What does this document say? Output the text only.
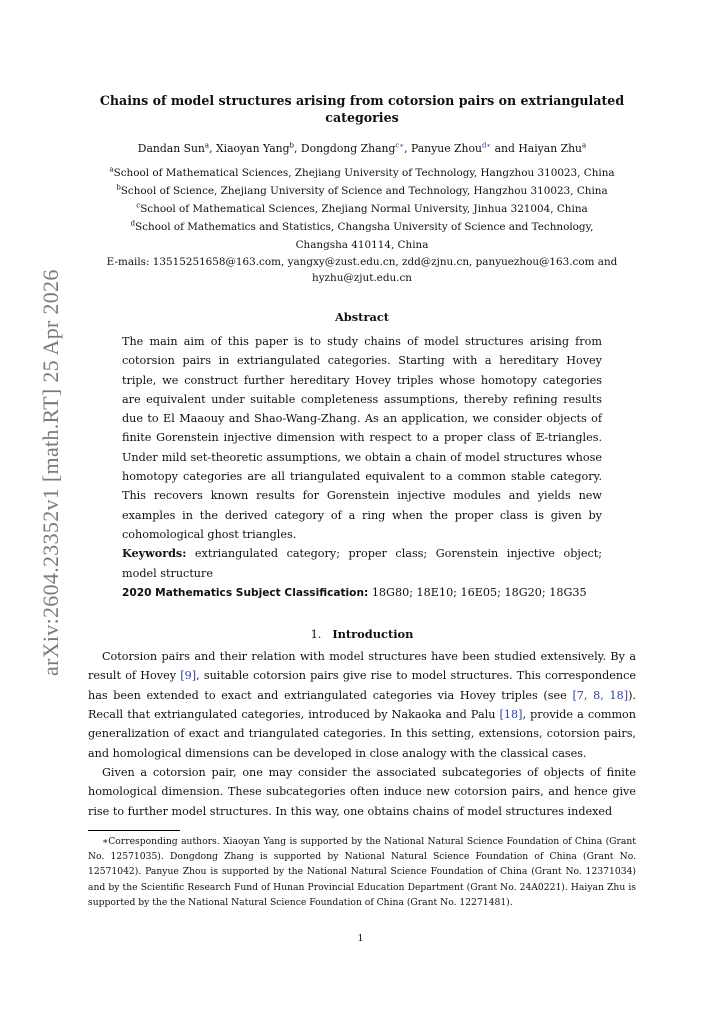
arXiv:2604.23352v1 [math.RT] 25 Apr 2026
Chains of model structures arising from cotorsion pairs on extriangulated categories
Dandan Sun$^a$, Xiaoyan Yang$^b$, Dongdong Zhang$^{c∗}$, Panyue Zhou$^{d∗}$ and Haiyan Zhu$^a$
$^a$School of Mathematical Sciences, Zhejiang University of Technology, Hangzhou 310023, China
$^b$School of Science, Zhejiang University of Science and Technology, Hangzhou 310023, China
$^c$School of Mathematical Sciences, Zhejiang Normal University, Jinhua 321004, China
$^d$School of Mathematics and Statistics, Changsha University of Science and Technology,
Changsha 410114, China
E-mails: 13515251658@163.com, yangxy@zust.edu.cn, zdd@zjnu.cn, panyuezhou@163.com and
hyzhu@zjut.edu.cn
Abstract

The main aim of this paper is to study chains of model structures arising from cotorsion pairs in extriangulated categories. Starting with a hereditary Hovey triple, we construct further hereditary Hovey triples whose homotopy categories are equivalent under suitable completeness assumptions, thereby refining results due to El Maaouy and Shao-Wang-Zhang. As an application, we consider objects of finite Gorenstein injective dimension with respect to a proper class of 𝔼-triangles. Under mild set-theoretic assumptions, we obtain a chain of model structures whose homotopy categories are all triangulated equivalent to a common stable category. This recovers known results for Gorenstein injective modules and yields new examples in the derived category of a ring when the proper class is given by cohomological ghost triangles.

Keywords: extriangulated category; proper class; Gorenstein injective object; model structure

2020 Mathematics Subject Classification: 18G80; 18E10; 16E05; 18G20; 18G35

1. Introduction

Cotorsion pairs and their relation with model structures have been studied extensively. By a result of Hovey [9], suitable cotorsion pairs give rise to model structures. This correspondence has been extended to exact and extriangulated categories via Hovey triples (see [7, 8, 18]). Recall that extriangulated categories, introduced by Nakaoka and Palu [18], provide a common generalization of exact and triangulated categories. In this setting, extensions, cotorsion pairs, and homological dimensions can be developed in close analogy with the classical cases.

Given a cotorsion pair, one may consider the associated subcategories of objects of finite homological dimension. These subcategories often induce new cotorsion pairs, and hence give rise to further model structures. In this way, one obtains chains of model structures indexed

∗Corresponding authors. Xiaoyan Yang is supported by the National Natural Science Foundation of China (Grant No. 12571035). Dongdong Zhang is supported by National Natural Science Foundation of China (Grant No. 12571042). Panyue Zhou is supported by the National Natural Science Foundation of China (Grant No. 12371034) and by the Scientific Research Fund of Hunan Provincial Education Department (Grant No. 24A0221). Haiyan Zhu is supported by the the National Natural Science Foundation of China (Grant No. 12271481).

1
